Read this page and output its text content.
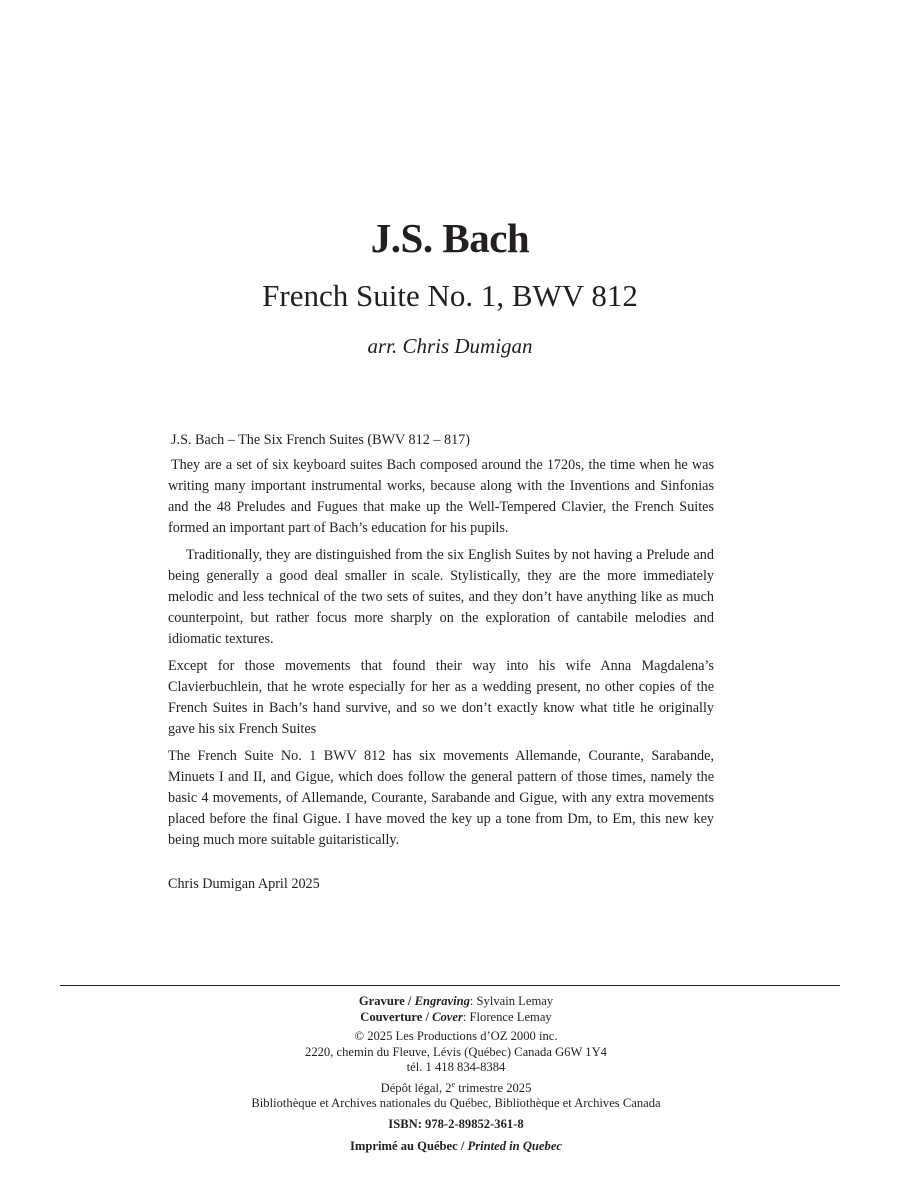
J.S. Bach
French Suite No. 1, BWV 812

arr. Chris Dumigan

J.S. Bach – The Six French Suites (BWV 812 – 817)

They are a set of six keyboard suites Bach composed around the 1720s, the time when he was writing many important instrumental works, because along with the Inventions and Sinfonias and the 48 Preludes and Fugues that make up the Well-Tempered Clavier, the French Suites formed an important part of Bach’s education for his pupils.

Traditionally, they are distinguished from the six English Suites by not having a Prelude and being generally a good deal smaller in scale. Stylistically, they are the more immediately melodic and less technical of the two sets of suites, and they don’t have anything like as much counterpoint, but rather focus more sharply on the exploration of cantabile melodies and idiomatic textures.

Except for those movements that found their way into his wife Anna Magdalena’s Clavierbuchlein, that he wrote especially for her as a wedding present, no other copies of the French Suites in Bach’s hand survive, and so we don’t exactly know what title he originally gave his six French Suites

The French Suite No. 1 BWV 812 has six movements Allemande, Courante, Sarabande, Minuets I and II, and Gigue, which does follow the general pattern of those times, namely the basic 4 movements, of Allemande, Courante, Sarabande and Gigue, with any extra movements placed before the final Gigue. I have moved the key up a tone from Dm, to Em, this new key being much more suitable guitaristically.

Chris Dumigan April 2025

Gravure / Engraving: Sylvain Lemay
Couverture / Cover: Florence Lemay
© 2025 Les Productions d’OZ 2000 inc.
2220, chemin du Fleuve, Lévis (Québec) Canada G6W 1Y4
tél. 1 418 834-8384
Dépôt légal, 2e trimestre 2025
Bibliothèque et Archives nationales du Québec, Bibliothèque et Archives Canada
ISBN: 978-2-89852-361-8
Imprimé au Québec / Printed in Quebec
